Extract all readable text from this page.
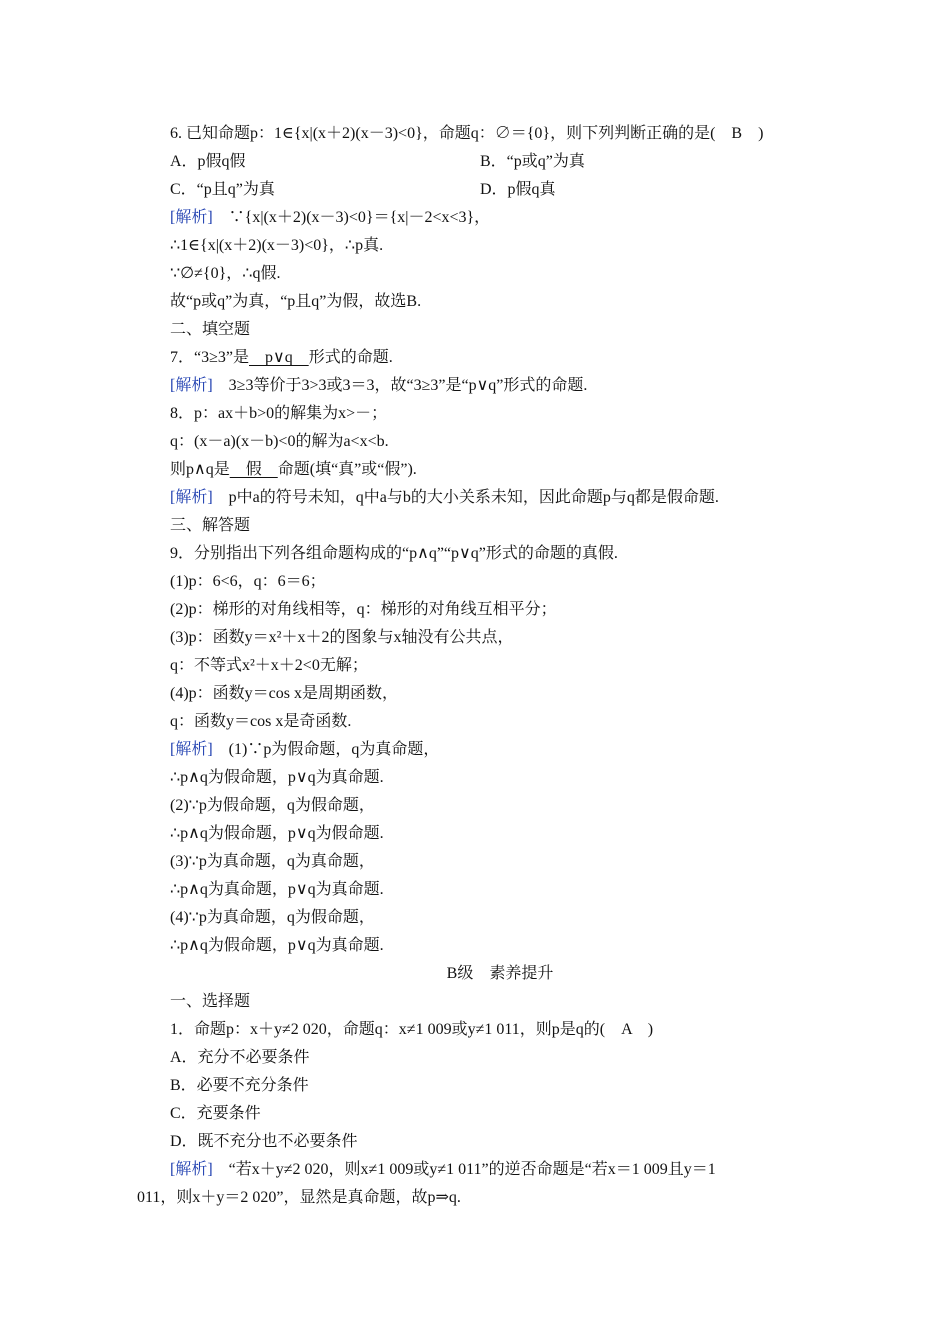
6. 已知命题p：1∈{x|(x＋2)(x－3)<0}，命题q：∅＝{0}，则下列判断正确的是(　B　)
A．p假q假	B．“p或q”为真
C．“p且q”为真	D．p假q真
[解析]　∵{x|(x＋2)(x－3)<0}＝{x|－2<x<3}，
∴1∈{x|(x＋2)(x－3)<0}，∴p真.
∵∅≠{0}，∴q假.
故“p或q”为真，“p且q”为假，故选B.
二、填空题
7．“3≥3”是　p∨q　形式的命题.
[解析]　3≥3等价于3>3或3＝3，故“3≥3”是“p∨q”形式的命题.
8．p：ax＋b>0的解集为x>－；
q：(x－a)(x－b)<0的解为a<x<b.
则p∧q是　假　命题(填“真”或“假”).
[解析]　p中a的符号未知，q中a与b的大小关系未知，因此命题p与q都是假命题.
三、解答题
9．分别指出下列各组命题构成的“p∧q”“p∨q”形式的命题的真假.
(1)p：6<6，q：6＝6；
(2)p：梯形的对角线相等，q：梯形的对角线互相平分；
(3)p：函数y＝x²＋x＋2的图象与x轴没有公共点，
q：不等式x²＋x＋2<0无解；
(4)p：函数y＝cos x是周期函数，
q：函数y＝cos x是奇函数.
[解析]　(1)∵p为假命题，q为真命题，
∴p∧q为假命题，p∨q为真命题.
(2)∵p为假命题，q为假命题，
∴p∧q为假命题，p∨q为假命题.
(3)∵p为真命题，q为真命题，
∴p∧q为真命题，p∨q为真命题.
(4)∵p为真命题，q为假命题，
∴p∧q为假命题，p∨q为真命题.
B级　素养提升
一、选择题
1．命题p：x＋y≠2 020，命题q：x≠1 009或y≠1 011，则p是q的(　A　)
A．充分不必要条件
B．必要不充分条件
C．充要条件
D．既不充分也不必要条件
[解析]　“若x＋y≠2 020，则x≠1 009或y≠1 011”的逆否命题是“若x＝1 009且y＝1
011，则x＋y＝2 020”，显然是真命题，故p⇒q.
